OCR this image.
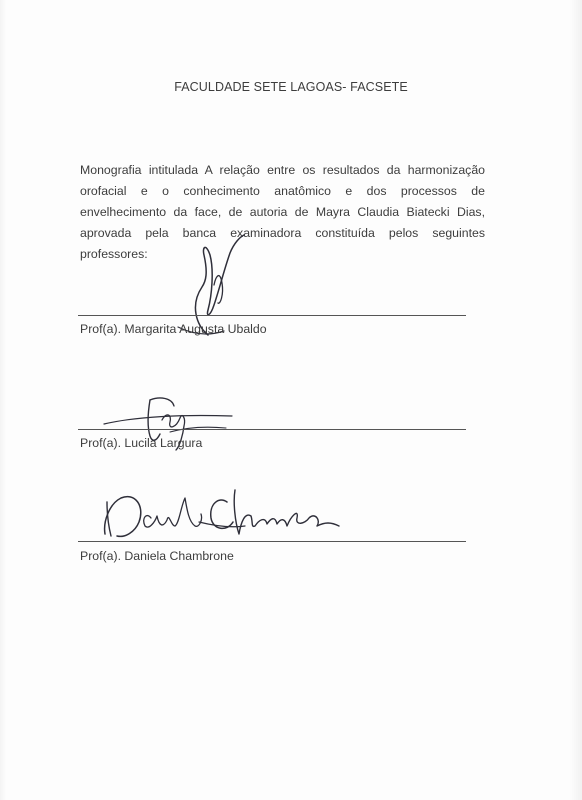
FACULDADE SETE LAGOAS- FACSETE
Monografia intitulada A relação entre os resultados da harmonização orofacial e o conhecimento anatômico e dos processos de envelhecimento da face, de autoria de Mayra Claudia Biatecki Dias, aprovada pela banca examinadora constituída pelos seguintes professores:
Prof(a). Margarita Augusta Ubaldo
Prof(a). Lucila Largura
Prof(a). Daniela Chambrone
